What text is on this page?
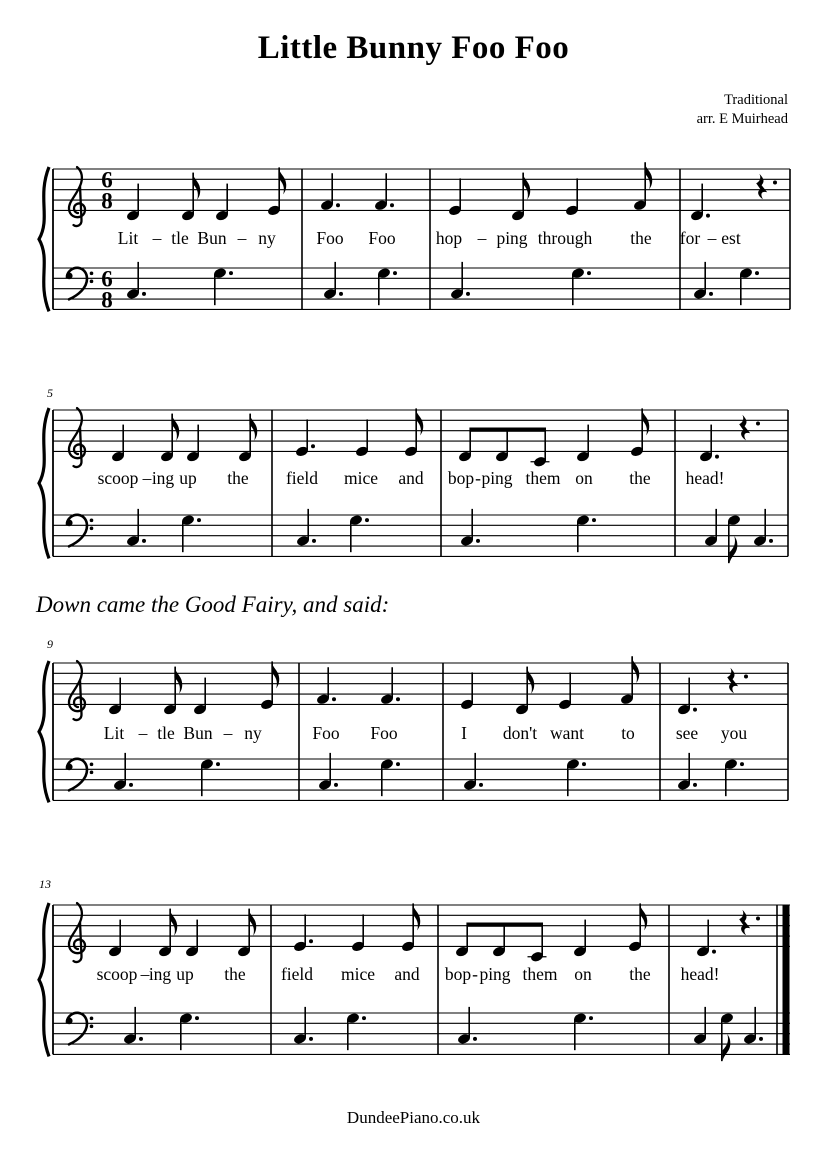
Little Bunny Foo Foo
Traditional
arr. E Muirhead
Down came the Good Fairy, and said:
6
8
6
8
Lit – tle Bun – ny Foo Foo hop – ping through the for – est
5
scoop – ing up the field mice and bop - ping them on the head!
9
Lit – tle Bun – ny	Foo Foo	I don't want to see you
13
scoop – ing up the field mice and bop - ping them on the head!
DundeePiano.co.uk
